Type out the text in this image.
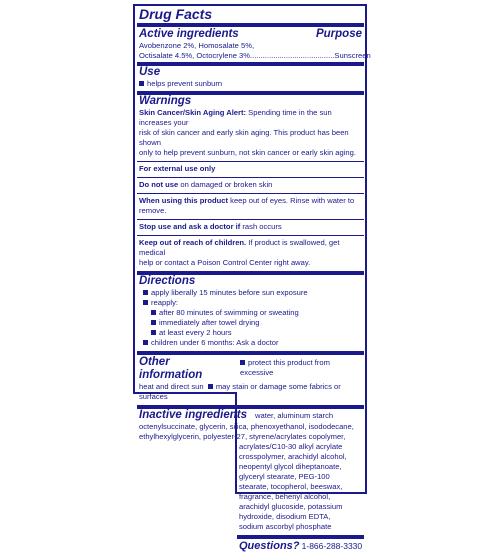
Drug Facts
Active ingredients	Purpose
Avobenzone 2%, Homosalate 5%,
Octisalate 4.5%, Octocrylene 3%........................................ Sunscreen
Use
helps prevent sunburn
Warnings
Skin Cancer/Skin Aging Alert: Spending time in the sun increases your
risk of skin cancer and early skin aging. This product has been shown
only to help prevent sunburn, not skin cancer or early skin aging.
For external use only
Do not use on damaged or broken skin
When using this product keep out of eyes. Rinse with water to remove.
Stop use and ask a doctor if rash occurs
Keep out of reach of children. If product is swallowed, get medical
help or contact a Poison Control Center right away.
Directions
apply liberally 15 minutes before sun exposure
reapply:
after 80 minutes of swimming or sweating
immediately after towel drying
at least every 2 hours
children under 6 months: Ask a doctor
Other information
protect this product from excessive
heat and direct sun may stain or damage some fabrics or surfaces
Inactive ingredients water, aluminum starch
octenylsuccinate, glycerin, silica, phenoxyethanol, isododecane,
ethylhexylglycerin, polyester-27, styrene/acrylates copolymer,
acrylates/C10-30 alkyl acrylate
crosspolymer, arachidyl alcohol,
neopentyl glycol diheptanoate,
glyceryl stearate, PEG-100
stearate, tocopherol, beeswax,
fragrance, behenyl alcohol,
arachidyl glucoside, potassium
hydroxide, disodium EDTA,
sodium ascorbyl phosphate
Questions? 1-866-288-3330
